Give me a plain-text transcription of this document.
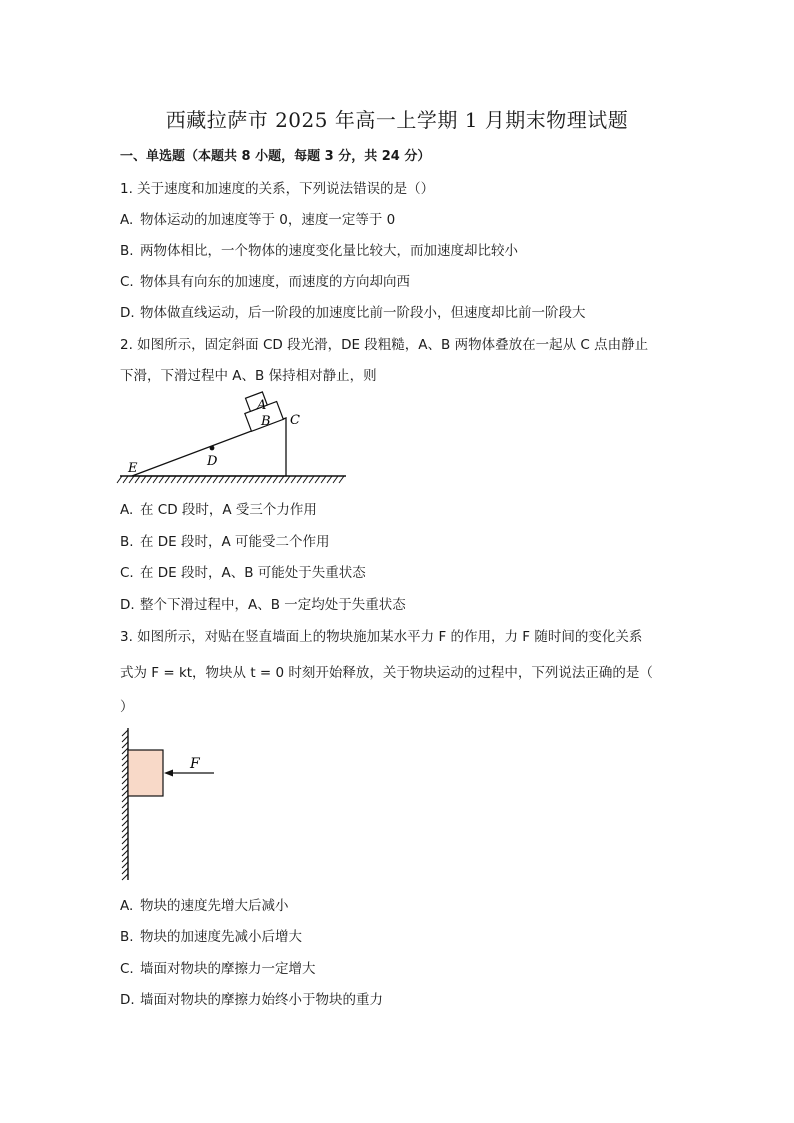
西藏拉萨市 2025 年高一上学期 1 月期末物理试题
一、单选题（本题共 8 小题，每题 3 分，共 24 分）
1. 关于速度和加速度的关系，下列说法错误的是（）
A. 物体运动的加速度等于 0，速度一定等于 0
B. 两物体相比，一个物体的速度变化量比较大，而加速度却比较小
C. 物体具有向东的加速度，而速度的方向却向西
D. 物体做直线运动，后一阶段的加速度比前一阶段小，但速度却比前一阶段大
2. 如图所示，固定斜面 CD 段光滑，DE 段粗糙，A、B 两物体叠放在一起从 C 点由静止
下滑，下滑过程中 A、B 保持相对静止，则
A
B C
D
E
A. 在 CD 段时，A 受三个力作用
B. 在 DE 段时，A 可能受二个作用
C. 在 DE 段时，A、B 可能处于失重状态
D. 整个下滑过程中，A、B 一定均处于失重状态
3. 如图所示，对贴在竖直墙面上的物块施加某水平力 F 的作用，力 F 随时间的变化关系
式为 F = kt，物块从 t = 0 时刻开始释放，关于物块运动的过程中，下列说法正确的是（
）
F
A. 物块的速度先增大后减小
B. 物块的加速度先减小后增大
C. 墙面对物块的摩擦力一定增大
D. 墙面对物块的摩擦力始终小于物块的重力
